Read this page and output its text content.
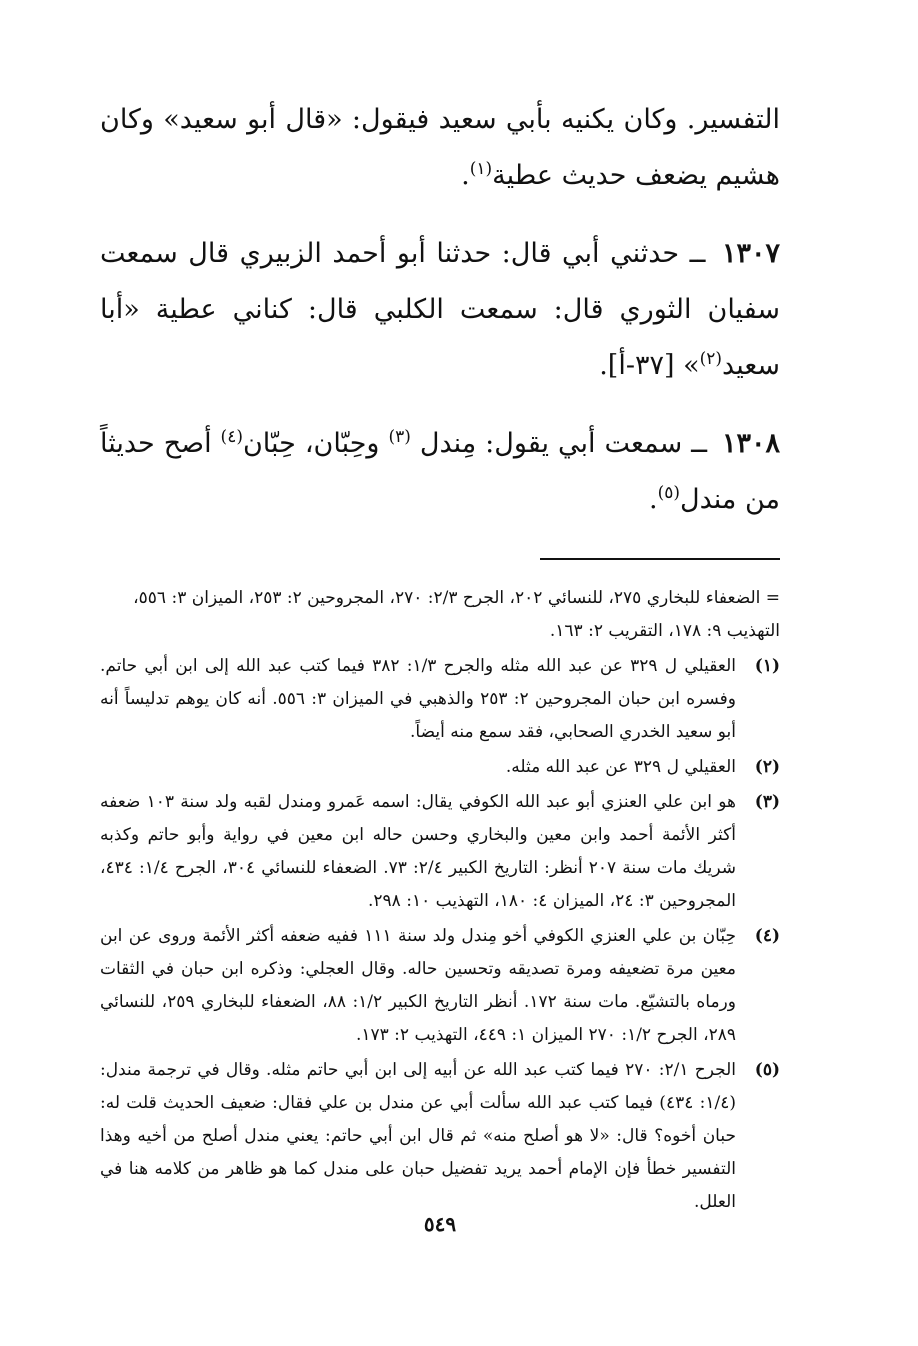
التفسير. وكان يكنيه بأبي سعيد فيقول: «قال أبو سعيد» وكان هشيم يضعف حديث عطية$^{(١)}$.

١٣٠٧ ــ حدثني أبي قال: حدثنا أبو أحمد الزبيري قال سمعت سفيان الثوري قال: سمعت الكلبي قال: كناني عطية «أبا سعيد$^{(٢)}$» [٣٧-أ].

١٣٠٨ ــ سمعت أبي يقول: مِندل $^{(٣)}$ وحِبّان، حِبّان$^{(٤)}$ أصح حديثاً من مندل$^{(٥)}$.

= الضعفاء للبخاري ٢٧٥، للنسائي ٢٠٢، الجرح ٢/٣: ٢٧٠، المجروحين ٢: ٢٥٣، الميزان ٣: ٥٥٦، التهذيب ٩: ١٧٨، التقريب ٢: ١٦٣.
(١)
العقيلي ل ٣٢٩ عن عبد الله مثله والجرح ١/٣: ٣٨٢ فيما كتب عبد الله إلى ابن أبي حاتم. وفسره ابن حبان المجروحين ٢: ٢٥٣ والذهبي في الميزان ٣: ٥٥٦. أنه كان يوهم تدليساً أنه أبو سعيد الخدري الصحابي، فقد سمع منه أيضاً.
(٢)
العقيلي ل ٣٢٩ عن عبد الله مثله.
(٣)
هو ابن علي العنزي أبو عبد الله الكوفي يقال: اسمه عَمرو ومندل لقبه ولد سنة ١٠٣ ضعفه أكثر الأئمة أحمد وابن معين والبخاري وحسن حاله ابن معين في رواية وأبو حاتم وكذبه شريك مات سنة ٢٠٧ أنظر: التاريخ الكبير ٢/٤: ٧٣. الضعفاء للنسائي ٣٠٤، الجرح ١/٤: ٤٣٤، المجروحين ٣: ٢٤، الميزان ٤: ١٨٠، التهذيب ١٠: ٢٩٨.
(٤)
حِبّان بن علي العنزي الكوفي أخو مِندل ولد سنة ١١١ ففيه ضعفه أكثر الأئمة وروى عن ابن معين مرة تضعيفه ومرة تصديقه وتحسين حاله. وقال العجلي: وذكره ابن حبان في الثقات ورماه بالتشيّع. مات سنة ١٧٢. أنظر التاريخ الكبير ١/٢: ٨٨، الضعفاء للبخاري ٢٥٩، للنسائي ٢٨٩، الجرح ١/٢: ٢٧٠ الميزان ١: ٤٤٩، التهذيب ٢: ١٧٣.
(٥)
الجرح ٢/١: ٢٧٠ فيما كتب عبد الله عن أبيه إلى ابن أبي حاتم مثله. وقال في ترجمة مندل: (١/٤: ٤٣٤) فيما كتب عبد الله سألت أبي عن مندل بن علي فقال: ضعيف الحديث قلت له: حبان أخوه؟ قال: «لا هو أصلح منه» ثم قال ابن أبي حاتم: يعني مندل أصلح من أخيه وهذا التفسير خطأ فإن الإمام أحمد يريد تفضيل حبان على مندل كما هو ظاهر من كلامه هنا في العلل.
٥٤٩
